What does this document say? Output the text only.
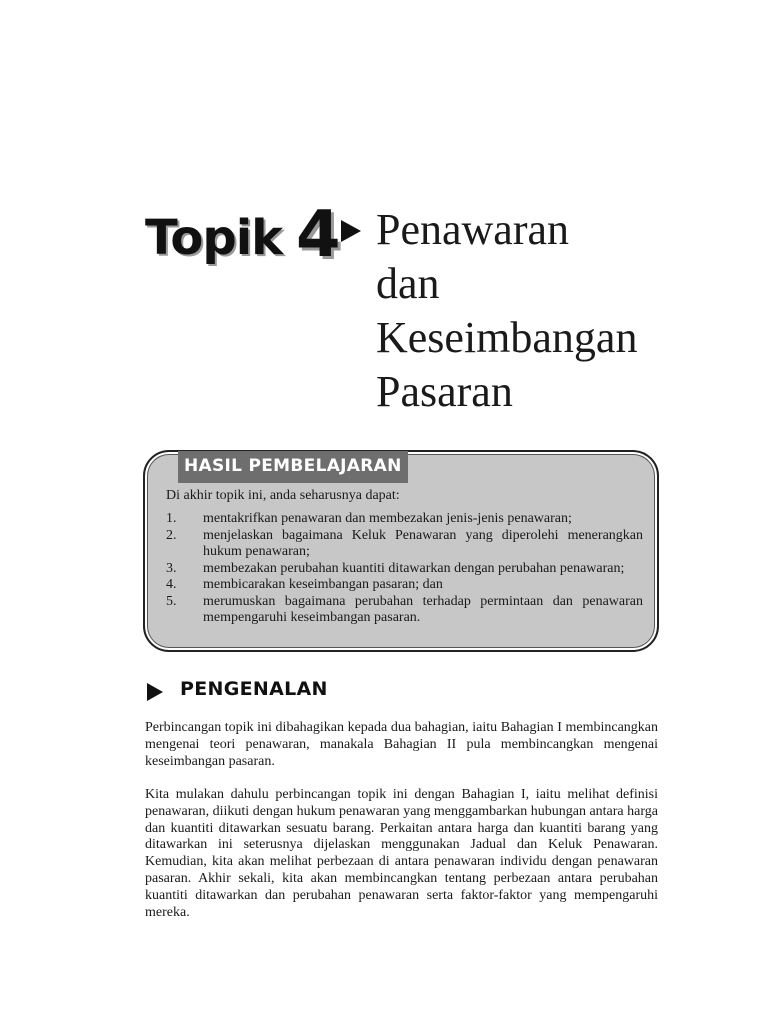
Topik 4 Penawaran
dan
Keseimbangan
Pasaran
HASIL PEMBELAJARAN
Di akhir topik ini, anda seharusnya dapat:
1.	mentakrifkan penawaran dan membezakan jenis-jenis penawaran;
2.	menjelaskan bagaimana Keluk Penawaran yang diperolehi menerangkan hukum penawaran;
3.	membezakan perubahan kuantiti ditawarkan dengan perubahan penawaran;
4.	membicarakan keseimbangan pasaran; dan
5.	merumuskan bagaimana perubahan terhadap permintaan dan penawaran mempengaruhi keseimbangan pasaran.
PENGENALAN

Perbincangan topik ini dibahagikan kepada dua bahagian, iaitu Bahagian I membincangkan mengenai teori penawaran, manakala Bahagian II pula membincangkan mengenai keseimbangan pasaran.

Kita mulakan dahulu perbincangan topik ini dengan Bahagian I, iaitu melihat definisi penawaran, diikuti dengan hukum penawaran yang menggambarkan hubungan antara harga dan kuantiti ditawarkan sesuatu barang. Perkaitan antara harga dan kuantiti barang yang ditawarkan ini seterusnya dijelaskan menggunakan Jadual dan Keluk Penawaran. Kemudian, kita akan melihat perbezaan di antara penawaran individu dengan penawaran pasaran. Akhir sekali, kita akan membincangkan tentang perbezaan antara perubahan kuantiti ditawarkan dan perubahan penawaran serta faktor-faktor yang mempengaruhi mereka.
